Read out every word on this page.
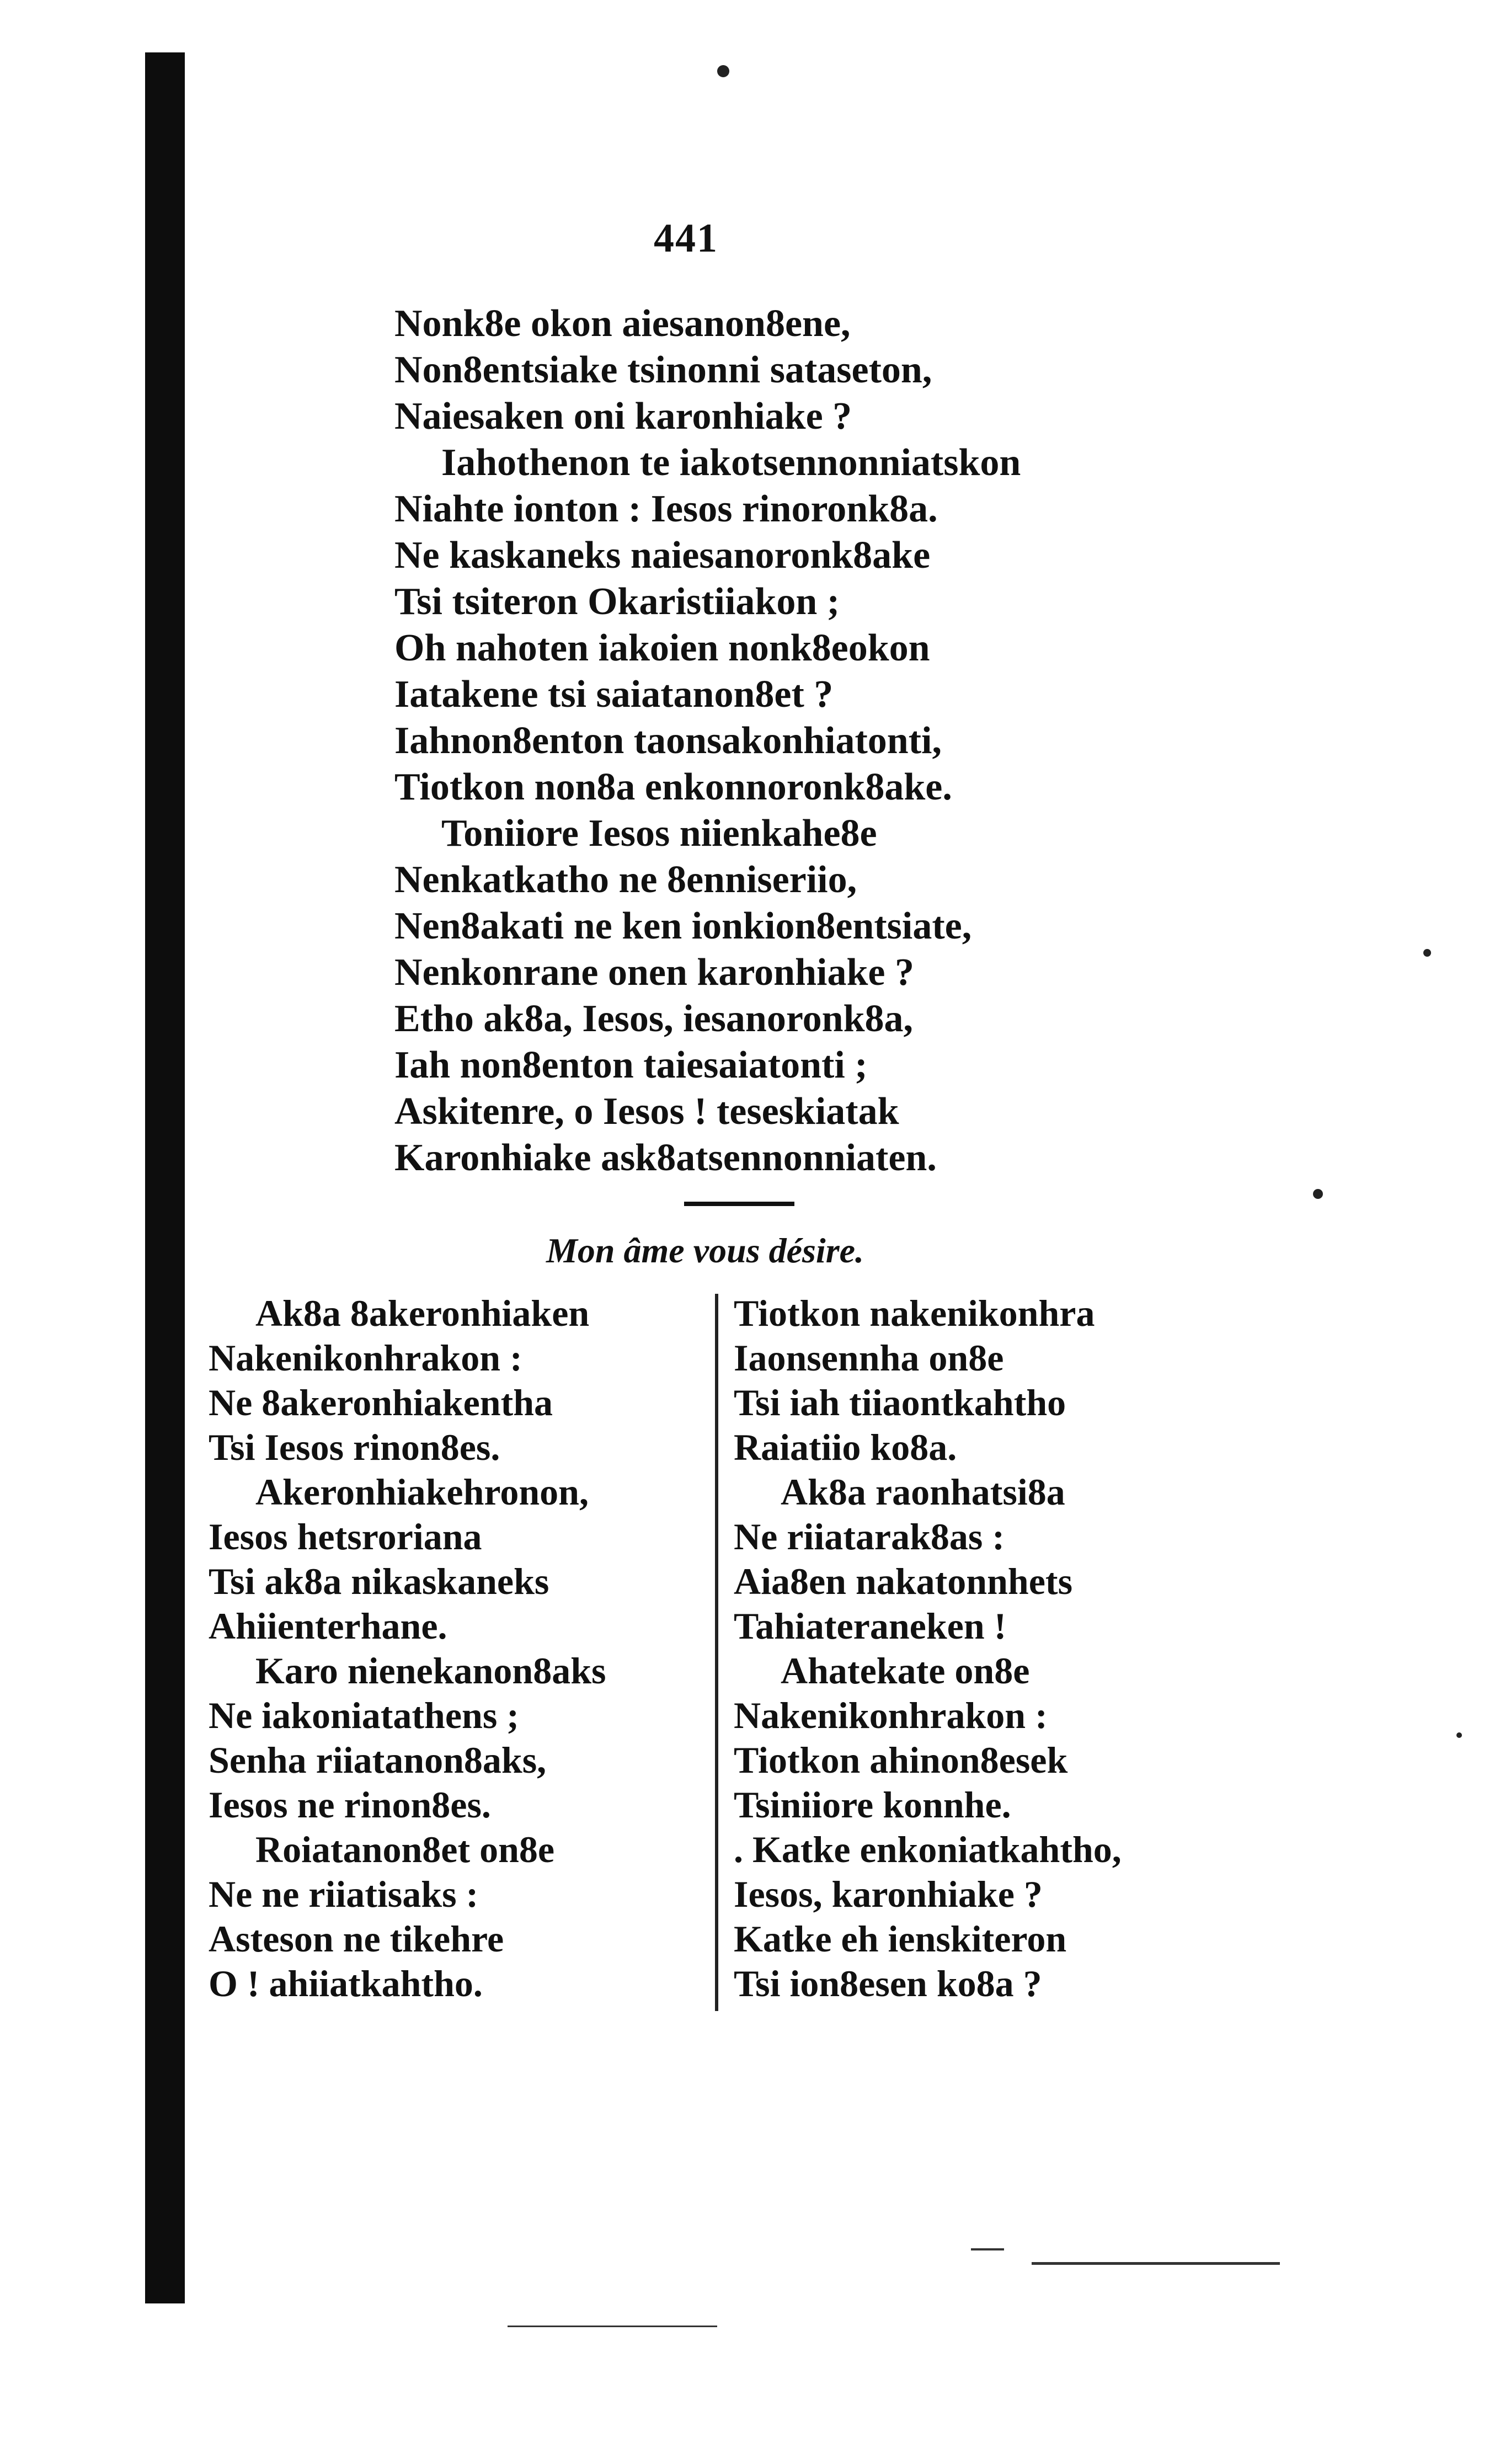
441
Nonk8e okon aiesanon8ene,
Non8entsiake tsinonni sataseton,
Naiesaken oni karonhiake ?
Iahothenon te iakotsennonniatskon
Niahte ionton : Iesos rinoronk8a.
Ne kaskaneks naiesanoronk8ake
Tsi tsiteron Okaristiiakon ;
Oh nahoten iakoien nonk8eokon
Iatakene tsi saiatanon8et ?
Iahnon8enton taonsakonhiatonti,
Tiotkon non8a enkonnoronk8ake.
Toniiore Iesos niienkahe8e
Nenkatkatho ne 8enniseriio,
Nen8akati ne ken ionkion8entsiate,
Nenkonrane onen karonhiake ?
Etho ak8a, Iesos, iesanoronk8a,
Iah non8enton taiesaiatonti ;
Askitenre, o Iesos ! teseskiatak
Karonhiake ask8atsennonniaten.
Mon âme vous désire.
Ak8a 8akeronhiaken
Nakenikonhrakon :
Ne 8akeronhiakentha
Tsi Iesos rinon8es.
Akeronhiakehronon,
Iesos hetsroriana
Tsi ak8a nikaskaneks
Ahiienterhane.
Karo nienekanon8aks
Ne iakoniatathens ;
Senha riiatanon8aks,
Iesos ne rinon8es.
Roiatanon8et on8e
Ne ne riiatisaks :
Asteson ne tikehre
O ! ahiiatkahtho.
Tiotkon nakenikonhra
Iaonsennha on8e
Tsi iah tiiaontkahtho
Raiatiio ko8a.
Ak8a raonhatsi8a
Ne riiatarak8as :
Aia8en nakatonnhets
Tahiateraneken !
Ahatekate on8e
Nakenikonhrakon :
Tiotkon ahinon8esek
Tsiniiore konnhe.
. Katke enkoniatkahtho,
Iesos, karonhiake ?
Katke eh ienskiteron
Tsi ion8esen ko8a ?
